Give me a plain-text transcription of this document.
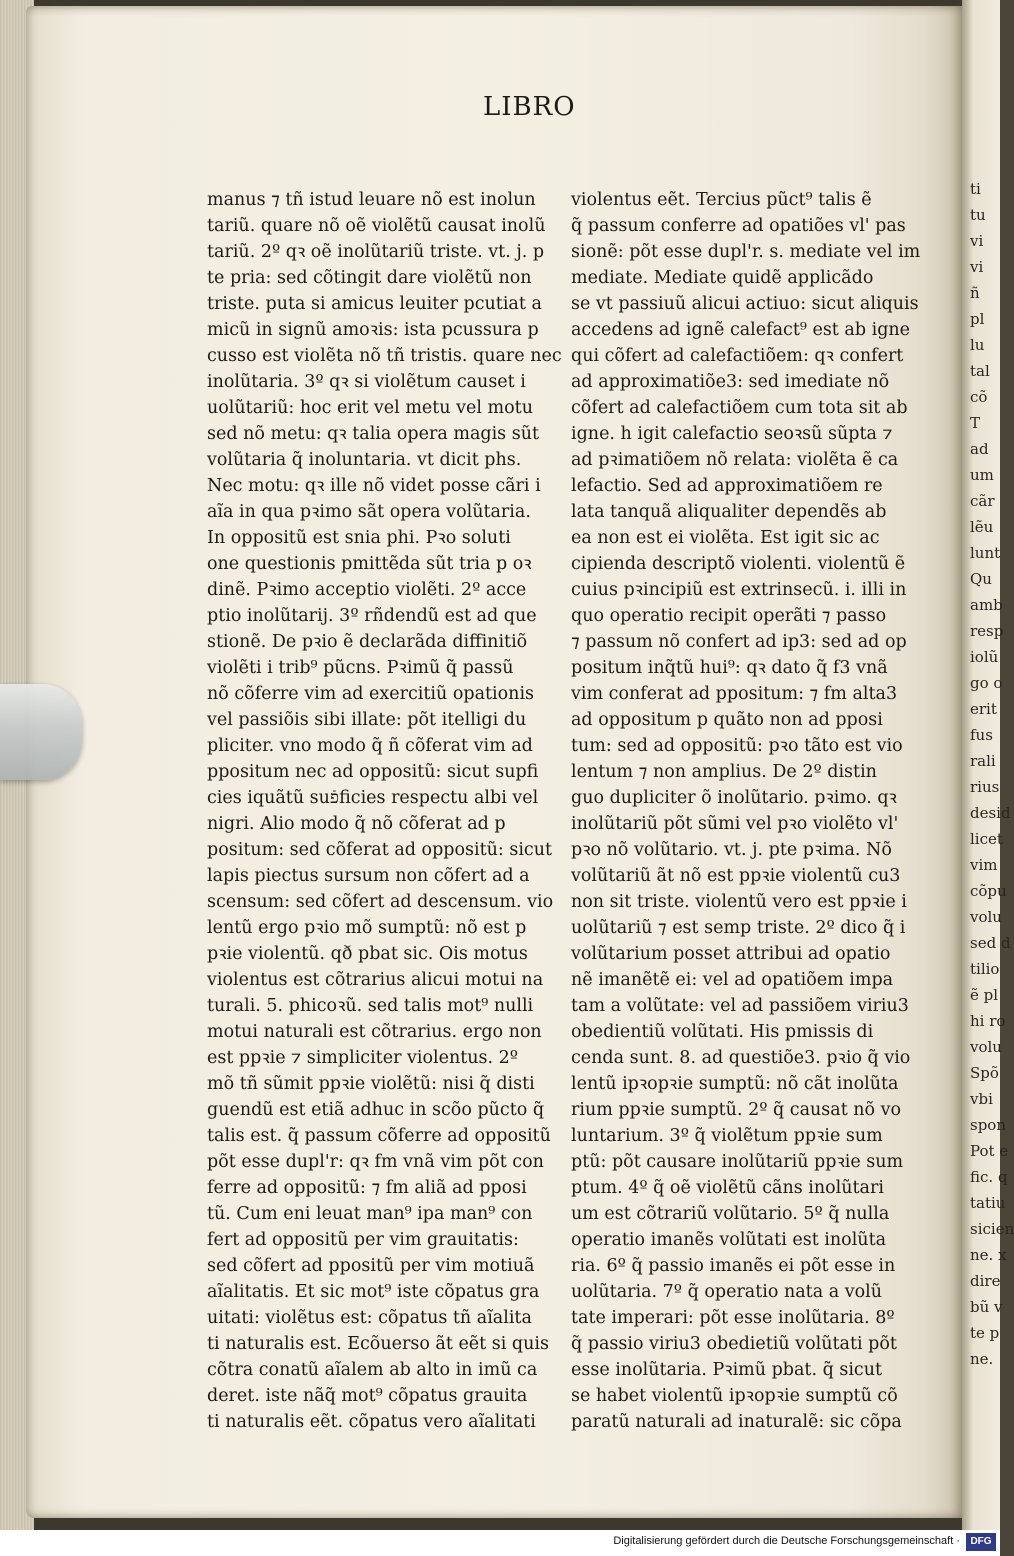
LIBRO
manus ⁊ tñ istud leuare nõ est inolun
tariũ. quare nõ oẽ violẽtũ causat inolũ
tariũ. 2º qꝛ oẽ inolũtariũ triste. vt. j. p
te pria: sed cõtingit dare violẽtũ non
triste. puta si amicus leuiter pcutiat a
micũ in signũ amoꝛis: ista pcussura p
cusso est violẽta nõ tñ tristis. quare nec
inolũtaria. 3º qꝛ si violẽtum causet i
uolũtariũ: hoc erit vel metu vel motu
sed nõ metu: qꝛ talia opera magis sũt
volũtaria q̃ inoluntaria. vt dicit phs.
Nec motu: qꝛ ille nõ videt posse cãri i
aĩa in qua pꝛimo sãt opera volũtaria.
In oppositũ est snia phi. Pꝛo soluti
one questionis pmittẽda sũt tria p oꝛ
dinẽ. Pꝛimo acceptio violẽti. 2º acce
ptio inolũtarij. 3º rñdendũ est ad que
stionẽ. De pꝛio ẽ declarãda diffinitiõ
violẽti i trib⁹ pũcns. Pꝛimũ q̃ passũ
nõ cõferre vim ad exercitiũ opationis
vel passiõis sibi illate: põt itelligi du
pliciter. vno modo q̃ ñ cõferat vim ad
ppositum nec ad oppositũ: sicut supfi
cies iquãtũ suפֿficies respectu albi vel
nigri. Alio modo q̃ nõ cõferat ad p
positum: sed cõferat ad oppositũ: sicut
lapis piectus sursum non cõfert ad a
scensum: sed cõfert ad descensum. vio
lentũ ergo pꝛio mõ sumptũ: nõ est p
pꝛie violentũ. qð pbat sic. Ois motus
violentus est cõtrarius alicui motui na
turali. 5. phicoꝛũ. sed talis mot⁹ nulli
motui naturali est cõtrarius. ergo non
est ppꝛie ⁊ simpliciter violentus. 2º
mõ tñ sũmit ppꝛie violẽtũ: nisi q̃ disti
guendũ est etiã adhuc in scõo pũcto q̃
talis est. q̃ passum cõferre ad oppositũ
põt esse dupl'r: qꝛ fm vnã vim põt con
ferre ad oppositũ: ⁊ fm aliã ad pposi
tũ. Cum eni leuat man⁹ ipa man⁹ con
fert ad oppositũ per vim grauitatis:
sed cõfert ad ppositũ per vim motiuã
aĩalitatis. Et sic mot⁹ iste cõpatus gra
uitati: violẽtus est: cõpatus tñ aĩalita
ti naturalis est. Ecõuerso ãt eẽt si quis
cõtra conatũ aĩalem ab alto in imũ ca
deret. iste nãq̃ mot⁹ cõpatus grauita
ti naturalis eẽt. cõpatus vero aĩalitati
violentus eẽt. Tercius pũct⁹ talis ẽ
q̃ passum conferre ad opatiões vl' pas
sionẽ: põt esse dupl'r. s. mediate vel im
mediate. Mediate quidẽ applicãdo
se vt passiuũ alicui actiuo: sicut aliquis
accedens ad ignẽ calefact⁹ est ab igne
qui cõfert ad calefactiõem: qꝛ confert
ad approximatiõe3: sed imediate nõ
cõfert ad calefactiõem cum tota sit ab
igne. h igit calefactio seoꝛsũ sũpta ⁊
ad pꝛimatiõem nõ relata: violẽta ẽ ca
lefactio. Sed ad approximatiõem re
lata tanquã aliqualiter dependẽs ab
ea non est ei violẽta. Est igit sic ac
cipienda descriptõ violenti. violentũ ẽ
cuius pꝛincipiũ est extrinsecũ. i. illi in
quo operatio recipit operãti ⁊ passo
⁊ passum nõ confert ad ip3: sed ad op
positum inq̃tũ hui⁹: qꝛ dato q̃ f3 vnã
vim conferat ad ppositum: ⁊ fm alta3
ad oppositum p quãto non ad pposi
tum: sed ad oppositũ: pꝛo tãto est vio
lentum ⁊ non amplius. De 2º distin
guo dupliciter õ inolũtario. pꝛimo. qꝛ
inolũtariũ põt sũmi vel pꝛo violẽto vl'
pꝛo nõ volũtario. vt. j. pte pꝛima. Nõ
volũtariũ ãt nõ est ppꝛie violentũ cu3
non sit triste. violentũ vero est ppꝛie i
uolũtariũ ⁊ est semp triste. 2º dico q̃ i
volũtarium posset attribui ad opatio
nẽ imanẽtẽ ei: vel ad opatiõem impa
tam a volũtate: vel ad passiõem viriu3
obedientiũ volũtati. His pmissis di
cenda sunt. 8. ad questiõe3. pꝛio q̃ vio
lentũ ipꝛopꝛie sumptũ: nõ cãt inolũta
rium ppꝛie sumptũ. 2º q̃ causat nõ vo
luntarium. 3º q̃ violẽtum ppꝛie sum
ptũ: põt causare inolũtariũ ppꝛie sum
ptum. 4º q̃ oẽ violẽtũ cãns inolũtari
um est cõtrariũ volũtario. 5º q̃ nulla
operatio imanẽs volũtati est inolũta
ria. 6º q̃ passio imanẽs ei põt esse in
uolũtaria. 7º q̃ operatio nata a volũ
tate imperari: põt esse inolũtaria. 8º
q̃ passio viriu3 obedietiũ volũtati põt
esse inolũtaria. Pꝛimũ pbat. q̃ sicut
se habet violentũ ipꝛopꝛie sumptũ cõ
paratũ naturali ad inaturalẽ: sic cõpa
ti
tu
vi
vi
ñ
pl
lu
tal
cõ
T
ad
um
cãr
lẽu
lunt
Qu
amb
resp
iolũ
go o
erit
fus
rali
rius
desid
licet
vim
cõpu
volu
sed d
tilio
ẽ pl
hi ro
volu
Spõ
vbi
spon
Pot e
fic. q
tatiu
sicien
ne. x
dire
bũ v
te p
ne.
Digitalisierung gefördert durch die Deutsche Forschungsgemeinschaft ·	DFG
